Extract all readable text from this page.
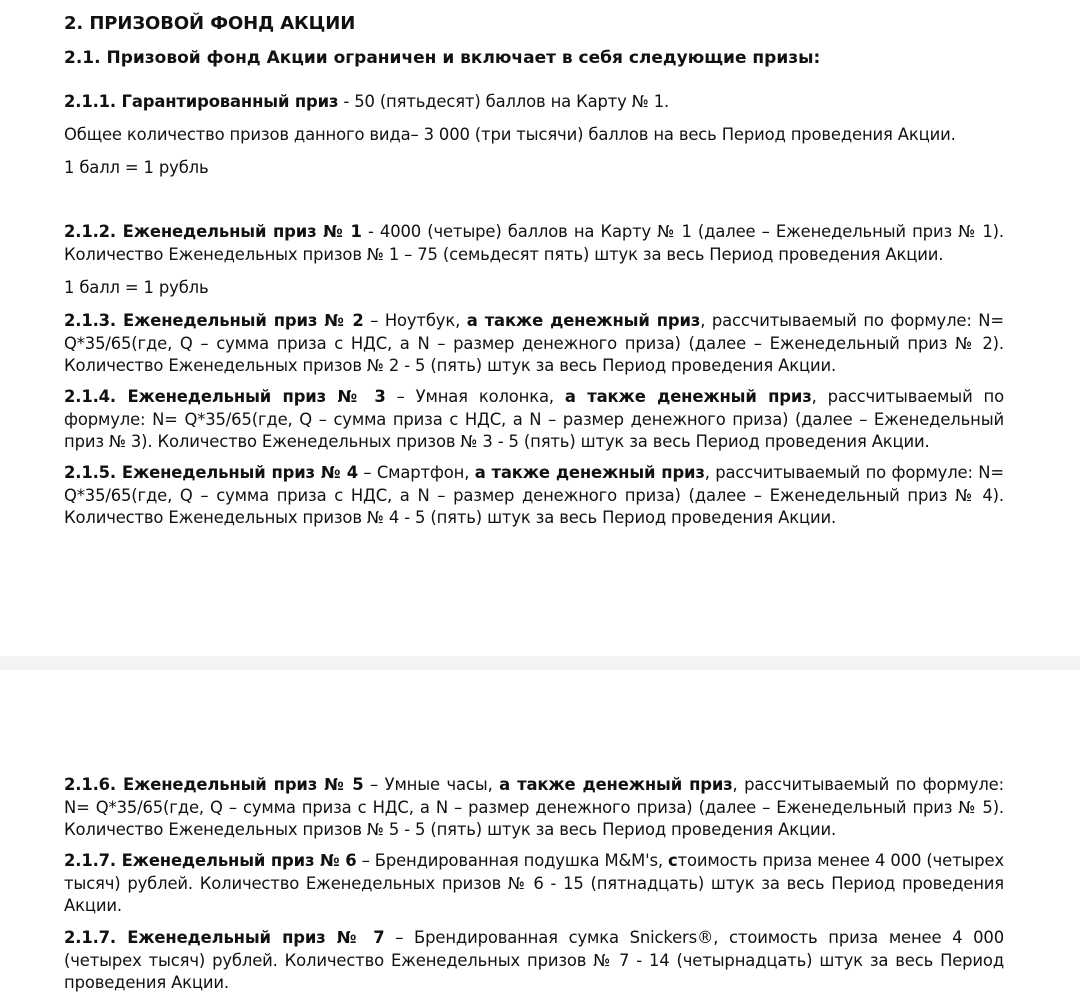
2. ПРИЗОВОЙ ФОНД АКЦИИ

2.1. Призовой фонд Акции ограничен и включает в себя следующие призы:

2.1.1. Гарантированный приз - 50 (пятьдесят) баллов на Карту № 1.

Общее количество призов данного вида– 3 000 (три тысячи) баллов на весь Период проведения Акции.

1 балл = 1 рубль

2.1.2. Еженедельный приз № 1 - 4000 (четыре) баллов на Карту № 1 (далее – Еженедельный приз № 1). Количество Еженедельных призов № 1 – 75 (семьдесят пять) штук за весь Период проведения Акции.

1 балл = 1 рубль

2.1.3. Еженедельный приз № 2 – Ноутбук, а также денежный приз, рассчитываемый по формуле: N= Q*35/65(где, Q – сумма приза с НДС, а N – размер денежного приза) (далее – Еженедельный приз № 2). Количество Еженедельных призов № 2 - 5 (пять) штук за весь Период проведения Акции.

2.1.4. Еженедельный приз № 3 – Умная колонка, а также денежный приз, рассчитываемый по формуле: N= Q*35/65(где, Q – сумма приза с НДС, а N – размер денежного приза) (далее – Еженедельный приз № 3). Количество Еженедельных призов № 3 - 5 (пять) штук за весь Период проведения Акции.

2.1.5. Еженедельный приз № 4 – Смартфон, а также денежный приз, рассчитываемый по формуле: N= Q*35/65(где, Q – сумма приза с НДС, а N – размер денежного приза) (далее – Еженедельный приз № 4). Количество Еженедельных призов № 4 - 5 (пять) штук за весь Период проведения Акции.

2.1.6. Еженедельный приз № 5 – Умные часы, а также денежный приз, рассчитываемый по формуле: N= Q*35/65(где, Q – сумма приза с НДС, а N – размер денежного приза) (далее – Еженедельный приз № 5). Количество Еженедельных призов № 5 - 5 (пять) штук за весь Период проведения Акции.

2.1.7. Еженедельный приз № 6 – Брендированная подушка M&M's, стоимость приза менее 4 000 (четырех тысяч) рублей. Количество Еженедельных призов № 6 - 15 (пятнадцать) штук за весь Период проведения Акции.

2.1.7. Еженедельный приз № 7 – Брендированная сумка Snickers®, стоимость приза менее 4 000 (четырех тысяч) рублей. Количество Еженедельных призов № 7 - 14 (четырнадцать) штук за весь Период проведения Акции.
